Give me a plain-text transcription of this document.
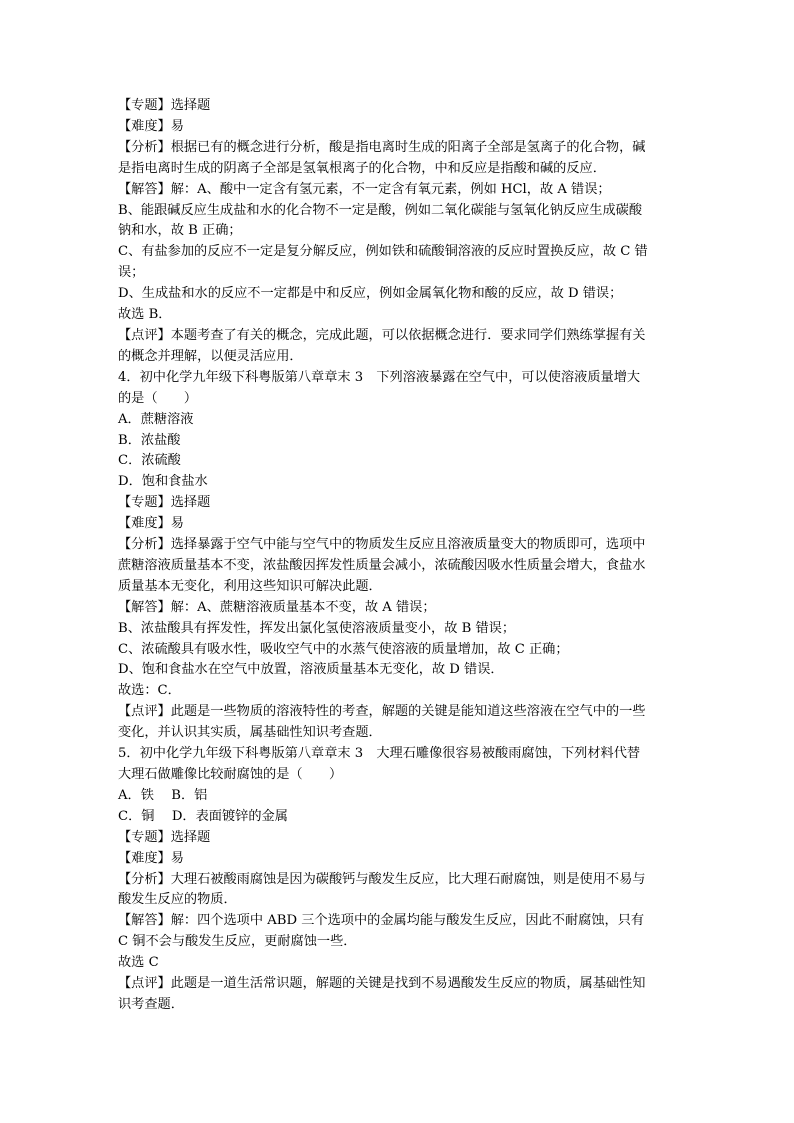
【专题】选择题
【难度】易
【分析】根据已有的概念进行分析，酸是指电离时生成的阳离子全部是氢离子的化合物，碱
是指电离时生成的阴离子全部是氢氧根离子的化合物，中和反应是指酸和碱的反应．
【解答】解：A、酸中一定含有氢元素，不一定含有氧元素，例如 HCl，故 A 错误；
B、能跟碱反应生成盐和水的化合物不一定是酸，例如二氧化碳能与氢氧化钠反应生成碳酸
钠和水，故 B 正确；
C、有盐参加的反应不一定是复分解反应，例如铁和硫酸铜溶液的反应时置换反应，故 C 错
误；
D、生成盐和水的反应不一定都是中和反应，例如金属氧化物和酸的反应，故 D 错误；
故选 B．
【点评】本题考查了有关的概念，完成此题，可以依据概念进行．要求同学们熟练掌握有关
的概念并理解，以便灵活应用．
4．初中化学九年级下科粤版第八章章末 3　下列溶液暴露在空气中，可以使溶液质量增大
的是（　　）
A．蔗糖溶液
B．浓盐酸
C．浓硫酸
D．饱和食盐水
【专题】选择题
【难度】易
【分析】选择暴露于空气中能与空气中的物质发生反应且溶液质量变大的物质即可，选项中
蔗糖溶液质量基本不变，浓盐酸因挥发性质量会减小，浓硫酸因吸水性质量会增大，食盐水
质量基本无变化，利用这些知识可解决此题．
【解答】解：A、蔗糖溶液质量基本不变，故 A 错误；
B、浓盐酸具有挥发性，挥发出氯化氢使溶液质量变小，故 B 错误；
C、浓硫酸具有吸水性，吸收空气中的水蒸气使溶液的质量增加，故 C 正确；
D、饱和食盐水在空气中放置，溶液质量基本无变化，故 D 错误．
故选：C．
【点评】此题是一些物质的溶液特性的考查，解题的关键是能知道这些溶液在空气中的一些
变化，并认识其实质，属基础性知识考查题．
5．初中化学九年级下科粤版第八章章末 3　大理石雕像很容易被酸雨腐蚀，下列材料代替
大理石做雕像比较耐腐蚀的是（　　）
A．铁　 B．铝
C．铜　 D．表面镀锌的金属
【专题】选择题
【难度】易
【分析】大理石被酸雨腐蚀是因为碳酸钙与酸发生反应，比大理石耐腐蚀，则是使用不易与
酸发生反应的物质．
【解答】解：四个选项中 ABD 三个选项中的金属均能与酸发生反应，因此不耐腐蚀，只有
C 铜不会与酸发生反应，更耐腐蚀一些．
故选 C
【点评】此题是一道生活常识题，解题的关键是找到不易遇酸发生反应的物质，属基础性知
识考查题．
